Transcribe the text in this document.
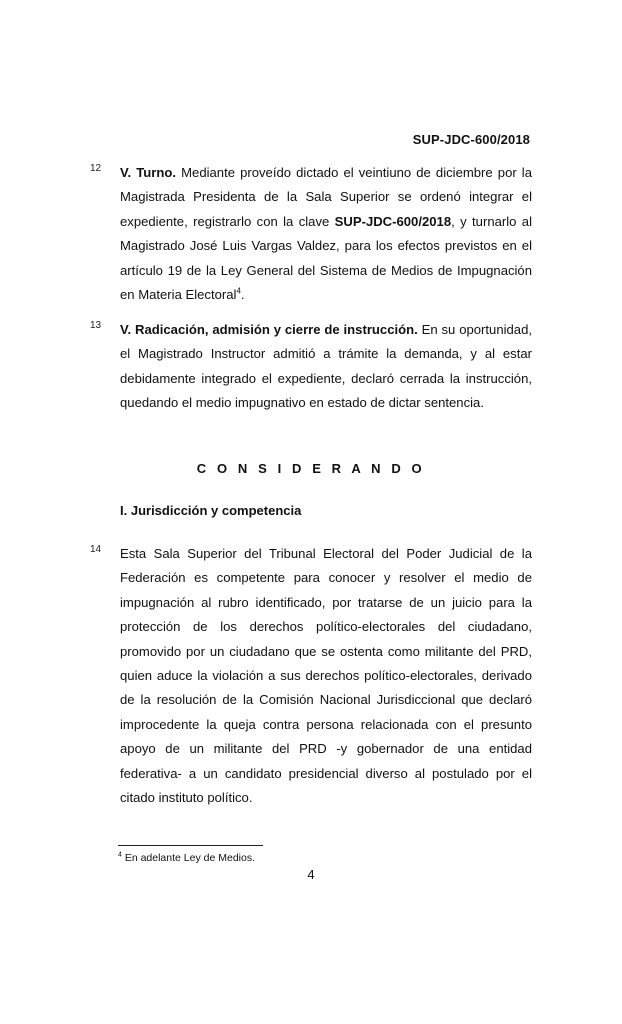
SUP-JDC-600/2018
12 V. Turno. Mediante proveído dictado el veintiuno de diciembre por la Magistrada Presidenta de la Sala Superior se ordenó integrar el expediente, registrarlo con la clave SUP-JDC-600/2018, y turnarlo al Magistrado José Luis Vargas Valdez, para los efectos previstos en el artículo 19 de la Ley General del Sistema de Medios de Impugnación en Materia Electoral$^4$.

13 V. Radicación, admisión y cierre de instrucción. En su oportunidad, el Magistrado Instructor admitió a trámite la demanda, y al estar debidamente integrado el expediente, declaró cerrada la instrucción, quedando el medio impugnativo en estado de dictar sentencia.

C O N S I D E R A N D O
I. Jurisdicción y competencia
14 Esta Sala Superior del Tribunal Electoral del Poder Judicial de la Federación es competente para conocer y resolver el medio de impugnación al rubro identificado, por tratarse de un juicio para la protección de los derechos político-electorales del ciudadano, promovido por un ciudadano que se ostenta como militante del PRD, quien aduce la violación a sus derechos político-electorales, derivado de la resolución de la Comisión Nacional Jurisdiccional que declaró improcedente la queja contra persona relacionada con el presunto apoyo de un militante del PRD -y gobernador de una entidad federativa- a un candidato presidencial diverso al postulado por el citado instituto político.

$^4$ En adelante Ley de Medios.
4
